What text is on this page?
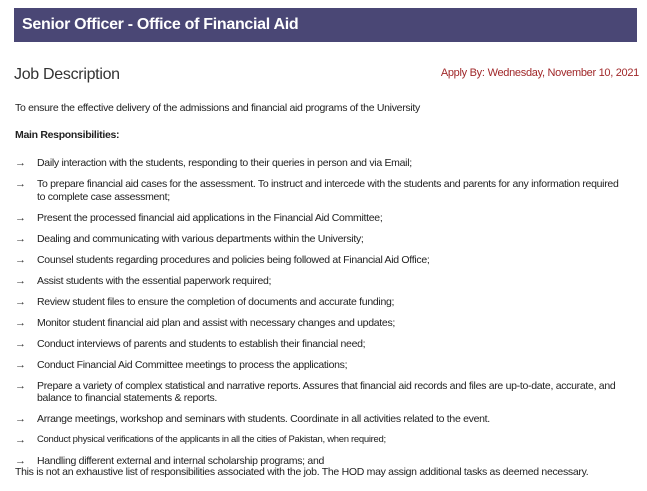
Senior Officer - Office of Financial Aid
Job Description	Apply By: Wednesday, November 10, 2021
To ensure the effective delivery of the admissions and financial aid programs of the University
Main Responsibilities:
→ Daily interaction with the students, responding to their queries in person and via Email;
→ To prepare financial aid cases for the assessment. To instruct and intercede with the students and parents for any information required to complete case assessment;
→ Present the processed financial aid applications in the Financial Aid Committee;
→ Dealing and communicating with various departments within the University;
→ Counsel students regarding procedures and policies being followed at Financial Aid Office;
→ Assist students with the essential paperwork required;
→ Review student files to ensure the completion of documents and accurate funding;
→ Monitor student financial aid plan and assist with necessary changes and updates;
→ Conduct interviews of parents and students to establish their financial need;
→ Conduct Financial Aid Committee meetings to process the applications;
→ Prepare a variety of complex statistical and narrative reports. Assures that financial aid records and files are up-to-date, accurate, and balance to financial statements & reports.
→ Arrange meetings, workshop and seminars with students. Coordinate in all activities related to the event.
→ Conduct physical verifications of the applicants in all the cities of Pakistan, when required;
→ Handling different external and internal scholarship programs; and
This is not an exhaustive list of responsibilities associated with the job. The HOD may assign additional tasks as deemed necessary.
